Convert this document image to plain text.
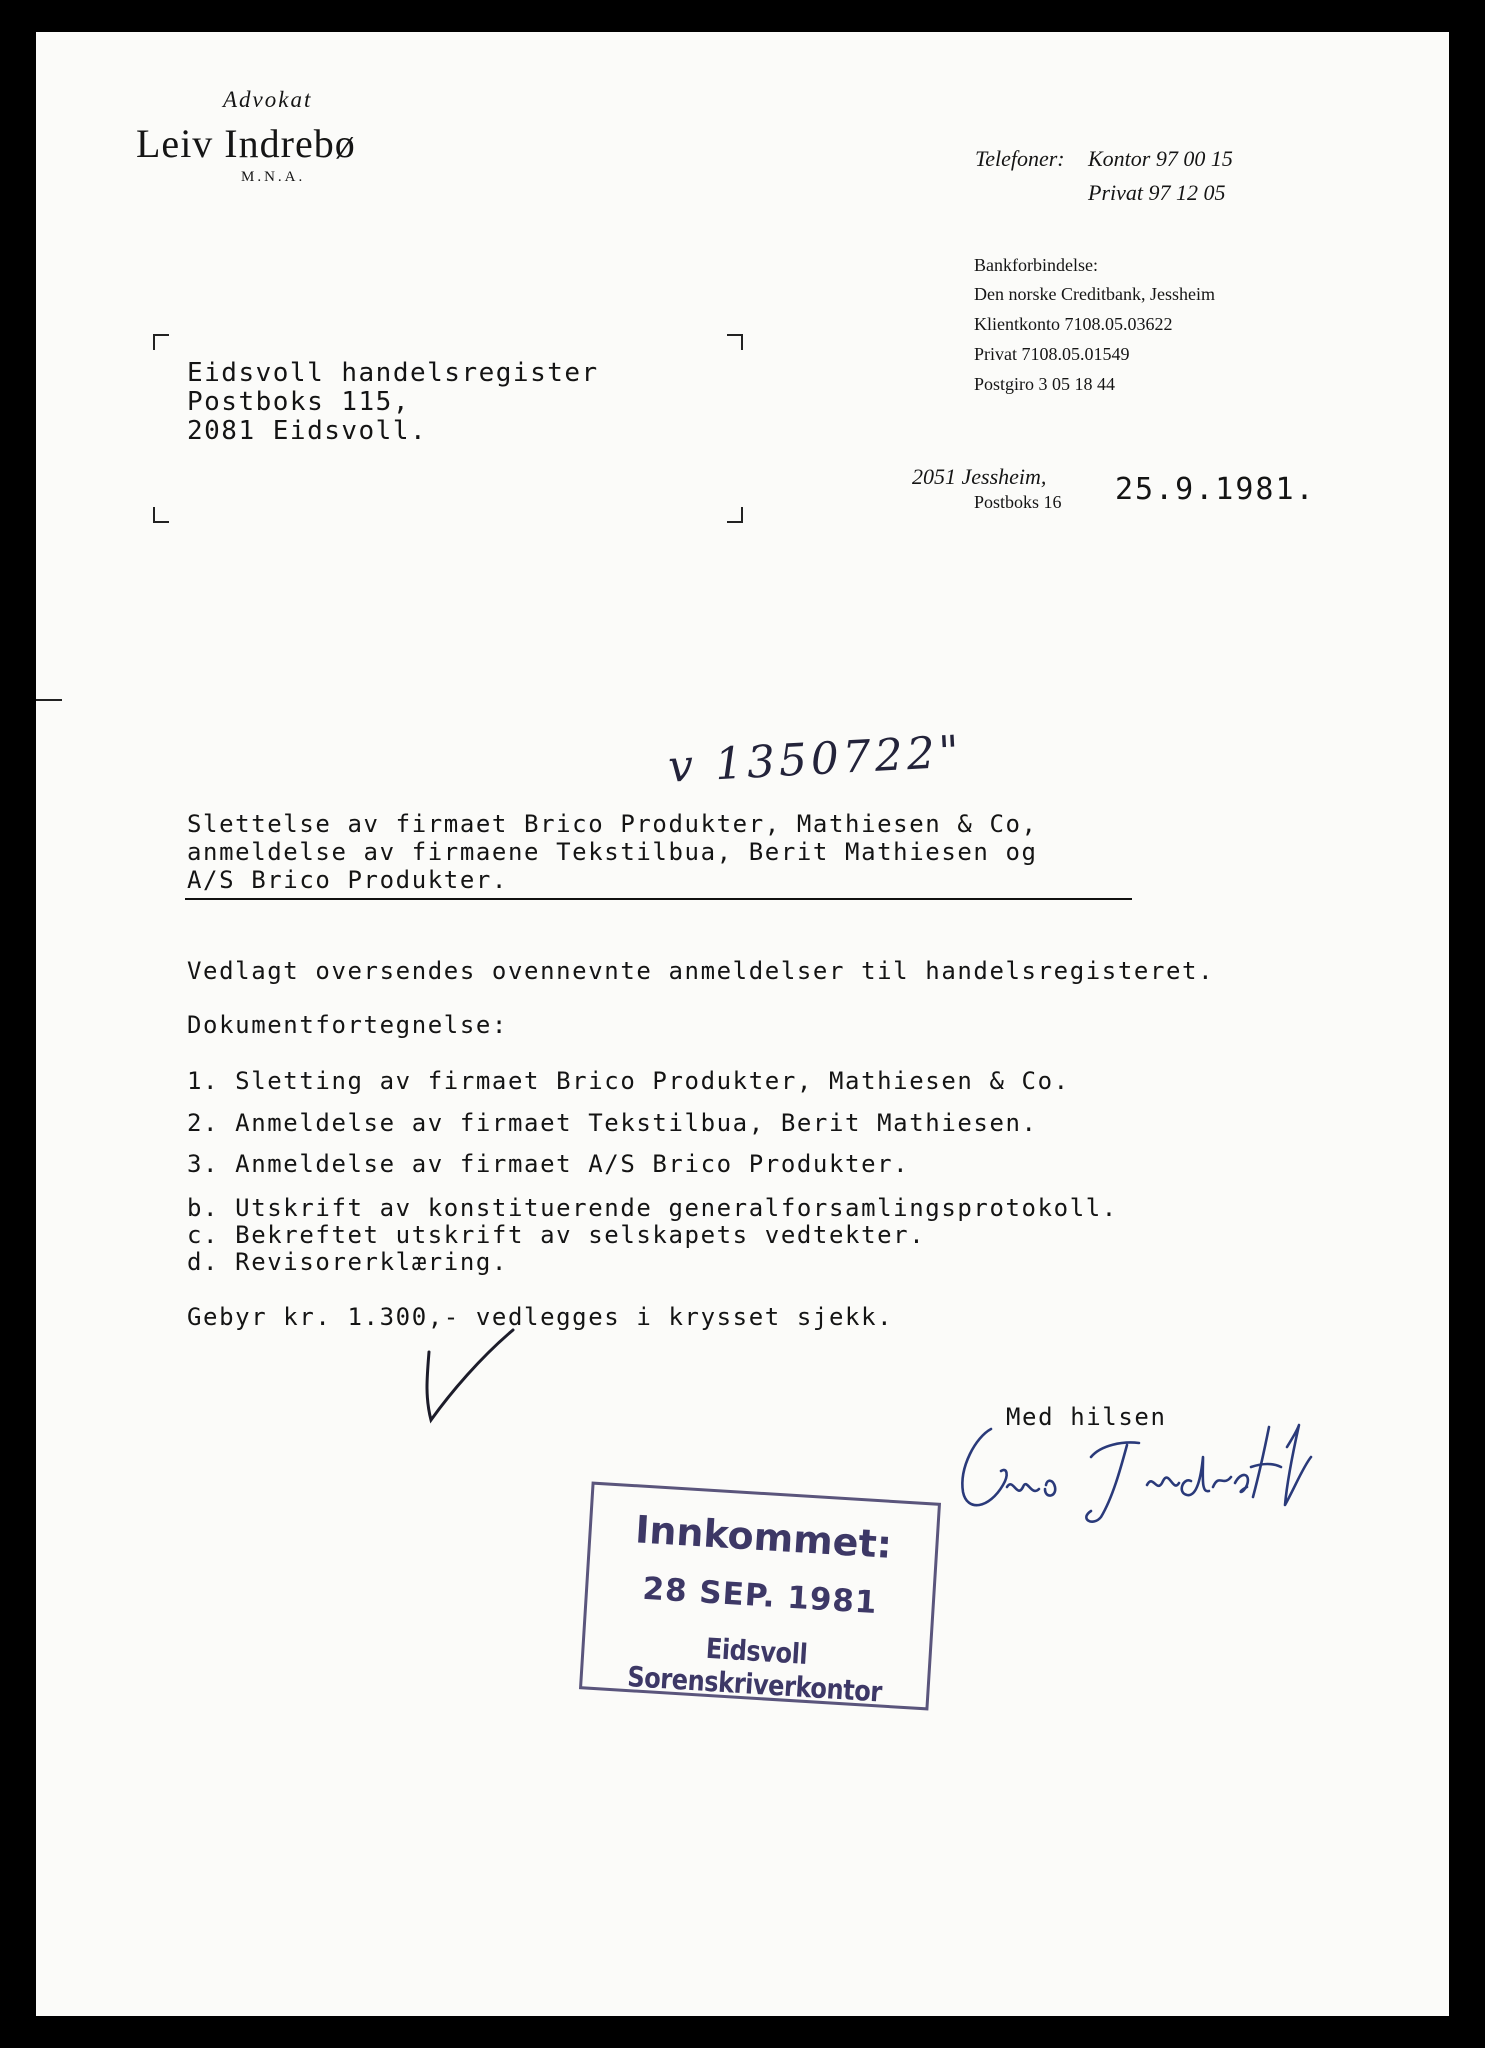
Advokat
Leiv Indrebø
M.N.A.
Telefoner: Kontor 97 00 15
Privat 97 12 05
Bankforbindelse:
Den norske Creditbank, Jessheim
Klientkonto 7108.05.03622
Privat 7108.05.01549
Postgiro 3 05 18 44
2051 Jessheim,
Postboks 16 25.9.1981.
Eidsvoll handelsregister
Postboks 115,
2081 Eidsvoll.
v 1350722"
Slettelse av firmaet Brico Produkter, Mathiesen & Co,
anmeldelse av firmaene Tekstilbua, Berit Mathiesen og
A/S Brico Produkter.
Vedlagt oversendes ovennevnte anmeldelser til handelsregisteret.
Dokumentfortegnelse:
1. Sletting av firmaet Brico Produkter, Mathiesen & Co.
2. Anmeldelse av firmaet Tekstilbua, Berit Mathiesen.
3. Anmeldelse av firmaet A/S Brico Produkter.
b. Utskrift av konstituerende generalforsamlingsprotokoll.
c. Bekreftet utskrift av selskapets vedtekter.
d. Revisorerklæring.
Gebyr kr. 1.300,- vedlegges i krysset sjekk.
Med hilsen
Innkommet:
28 SEP. 1981
Eidsvoll Sorenskriverkontor
